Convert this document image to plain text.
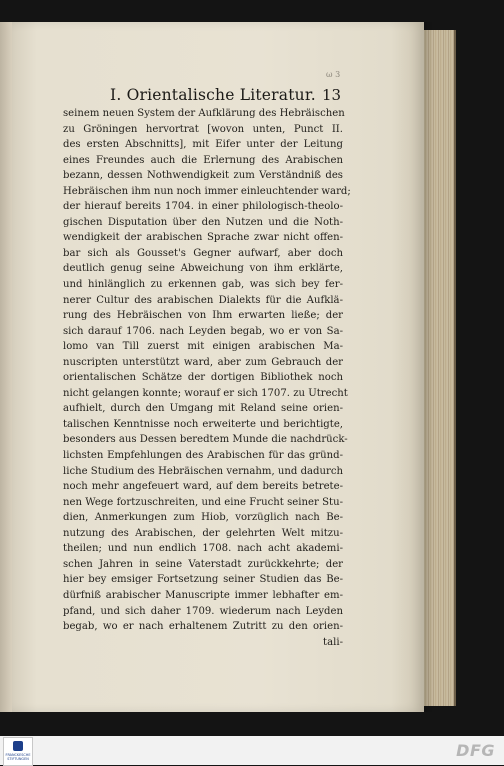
ω 3
I. Orientalische Literatur. 13
seinem neuen System der Aufklärung des Hebräischen
zu Gröningen hervortrat [wovon unten, Punct II.
des ersten Abschnitts], mit Eifer unter der Leitung
eines Freundes auch die Erlernung des Arabischen
bezann, dessen Nothwendigkeit zum Verständniß des
Hebräischen ihm nun noch immer einleuchtender ward;
der hierauf bereits 1704. in einer philologisch-theolo-
gischen Disputation über den Nutzen und die Noth-
wendigkeit der arabischen Sprache zwar nicht offen-
bar sich als Gousset's Gegner aufwarf, aber doch
deutlich genug seine Abweichung von ihm erklärte,
und hinlänglich zu erkennen gab, was sich bey fer-
nerer Cultur des arabischen Dialekts für die Aufklä-
rung des Hebräischen von Ihm erwarten ließe; der
sich darauf 1706. nach Leyden begab, wo er von Sa-
lomo van Till zuerst mit einigen arabischen Ma-
nuscripten unterstützt ward, aber zum Gebrauch der
orientalischen Schätze der dortigen Bibliothek noch
nicht gelangen konnte; worauf er sich 1707. zu Utrecht
aufhielt, durch den Umgang mit Reland seine orien-
talischen Kenntnisse noch erweiterte und berichtigte,
besonders aus Dessen beredtem Munde die nachdrück-
lichsten Empfehlungen des Arabischen für das gründ-
liche Studium des Hebräischen vernahm, und dadurch
noch mehr angefeuert ward, auf dem bereits betrete-
nen Wege fortzuschreiten, und eine Frucht seiner Stu-
dien, Anmerkungen zum Hiob, vorzüglich nach Be-
nutzung des Arabischen, der gelehrten Welt mitzu-
theilen; und nun endlich 1708. nach acht akademi-
schen Jahren in seine Vaterstadt zurückkehrte; der
hier bey emsiger Fortsetzung seiner Studien das Be-
dürfniß arabischer Manuscripte immer lebhafter em-
pfand, und sich daher 1709. wiederum nach Leyden
begab, wo er nach erhaltenem Zutritt zu den orien-
tali-
FRANCKESCHE STIFTUNGEN	DFG
